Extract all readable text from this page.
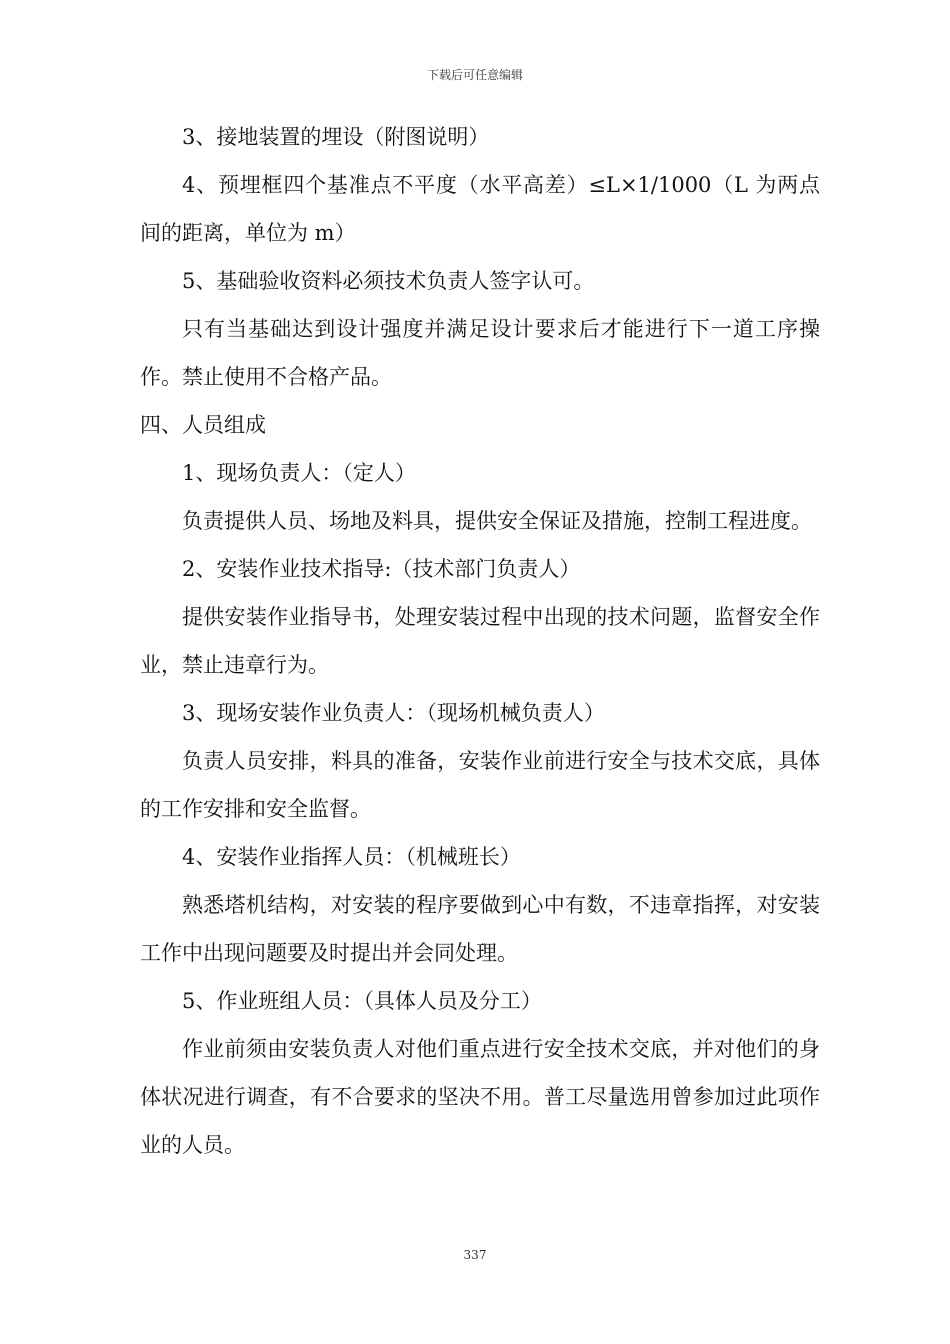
下载后可任意编辑

3、接地装置的埋设（附图说明）

4、预埋框四个基准点不平度（水平高差）≤L×1/1000（L 为两点间的距离，单位为 m）

5、基础验收资料必须技术负责人签字认可。

只有当基础达到设计强度并满足设计要求后才能进行下一道工序操作。禁止使用不合格产品。

四、人员组成

1、现场负责人：（定人）

负责提供人员、场地及料具，提供安全保证及措施，控制工程进度。

2、安装作业技术指导:（技术部门负责人）

提供安装作业指导书，处理安装过程中出现的技术问题，监督安全作业，禁止违章行为。

3、现场安装作业负责人：（现场机械负责人）

负责人员安排，料具的准备，安装作业前进行安全与技术交底，具体的工作安排和安全监督。

4、安装作业指挥人员：（机械班长）

熟悉塔机结构，对安装的程序要做到心中有数，不违章指挥，对安装工作中出现问题要及时提出并会同处理。

5、作业班组人员：（具体人员及分工）

作业前须由安装负责人对他们重点进行安全技术交底，并对他们的身体状况进行调查，有不合要求的坚决不用。普工尽量选用曾参加过此项作业的人员。

337
